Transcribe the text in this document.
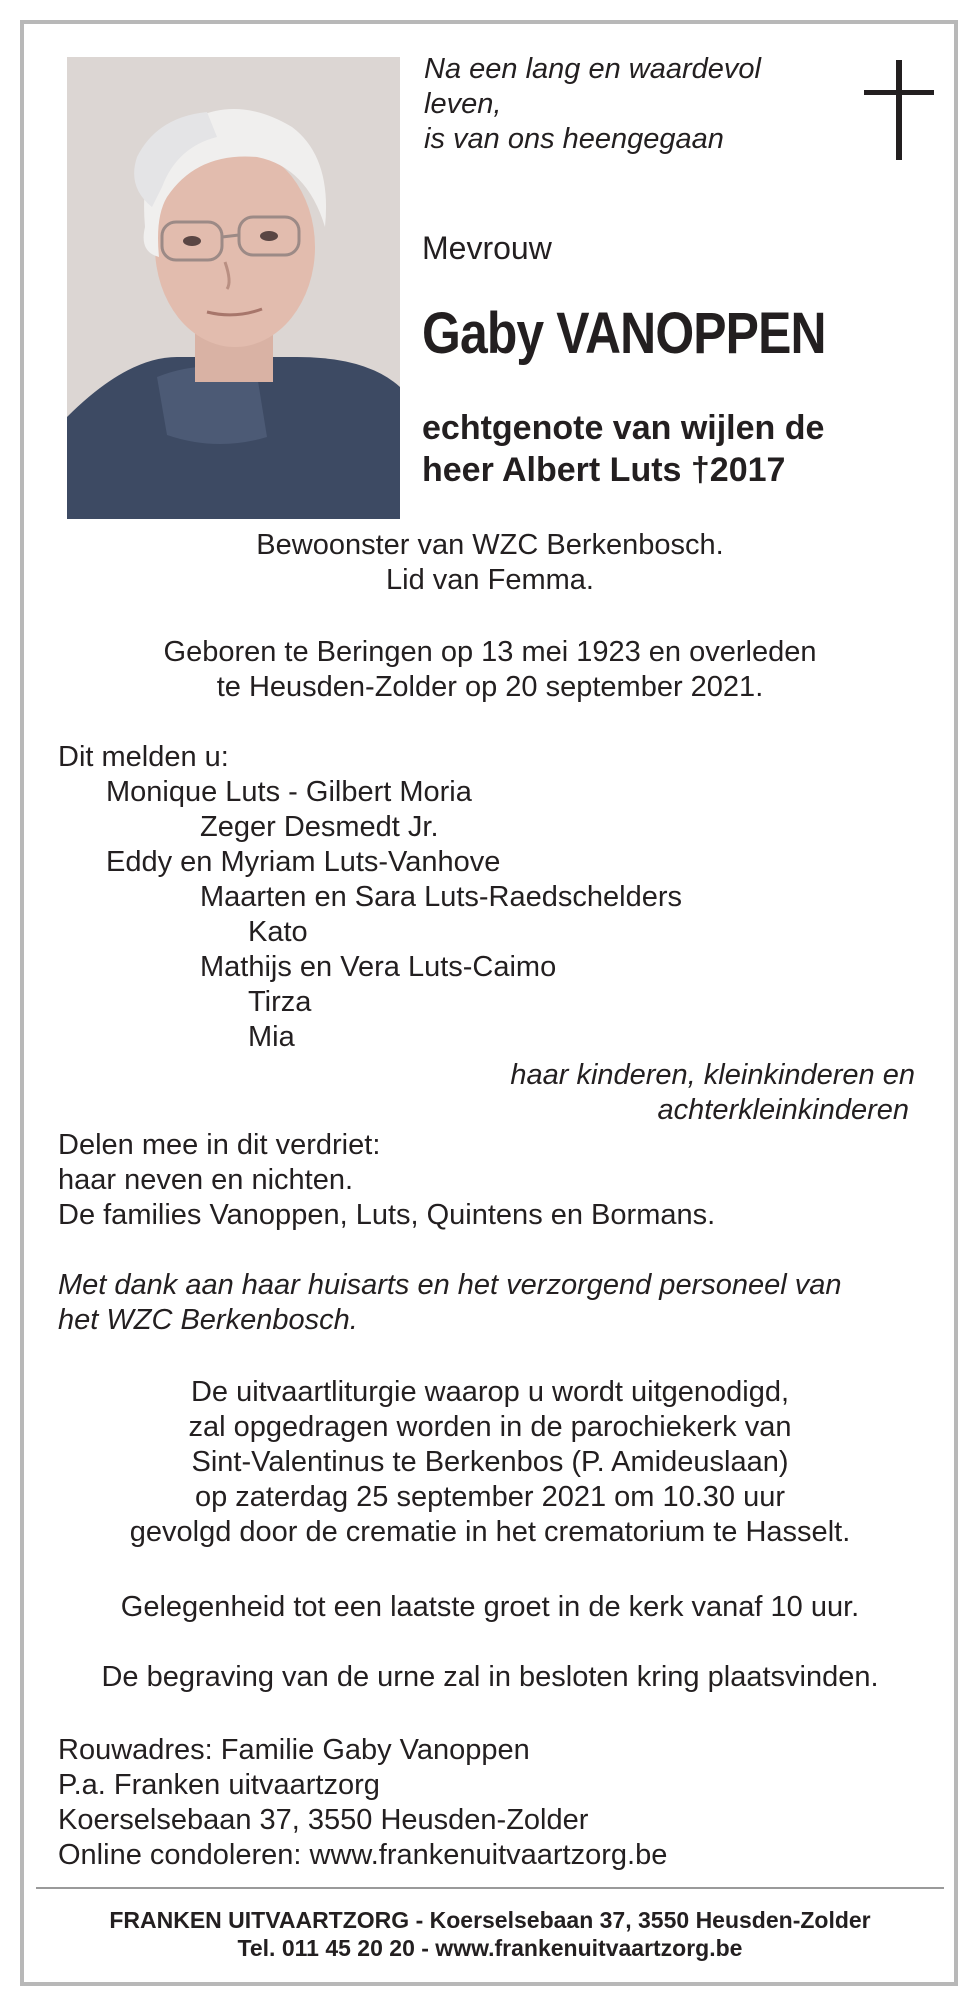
Na een lang en waardevol
leven,
is van ons heengegaan
Mevrouw
Gaby VANOPPEN
echtgenote van wijlen de
heer Albert Luts †2017
Bewoonster van WZC Berkenbosch.
Lid van Femma.
Geboren te Beringen op 13 mei 1923 en overleden
te Heusden-Zolder op 20 september 2021.
Dit melden u:
Monique Luts - Gilbert Moria
Zeger Desmedt Jr.
Eddy en Myriam Luts-Vanhove
Maarten en Sara Luts-Raedschelders
Kato
Mathijs en Vera Luts-Caimo
Tirza
Mia
haar kinderen, kleinkinderen en
achterkleinkinderen
Delen mee in dit verdriet:
haar neven en nichten.
De families Vanoppen, Luts, Quintens en Bormans.
Met dank aan haar huisarts en het verzorgend personeel van
het WZC Berkenbosch.
De uitvaartliturgie waarop u wordt uitgenodigd,
zal opgedragen worden in de parochiekerk van
Sint-Valentinus te Berkenbos (P. Amideuslaan)
op zaterdag 25 september 2021 om 10.30 uur
gevolgd door de crematie in het crematorium te Hasselt.
Gelegenheid tot een laatste groet in de kerk vanaf 10 uur.
De begraving van de urne zal in besloten kring plaatsvinden.
Rouwadres: Familie Gaby Vanoppen
P.a. Franken uitvaartzorg
Koerselsebaan 37, 3550 Heusden-Zolder
Online condoleren: www.frankenuitvaartzorg.be
FRANKEN UITVAARTZORG - Koerselsebaan 37, 3550 Heusden-Zolder
Tel. 011 45 20 20 - www.frankenuitvaartzorg.be
